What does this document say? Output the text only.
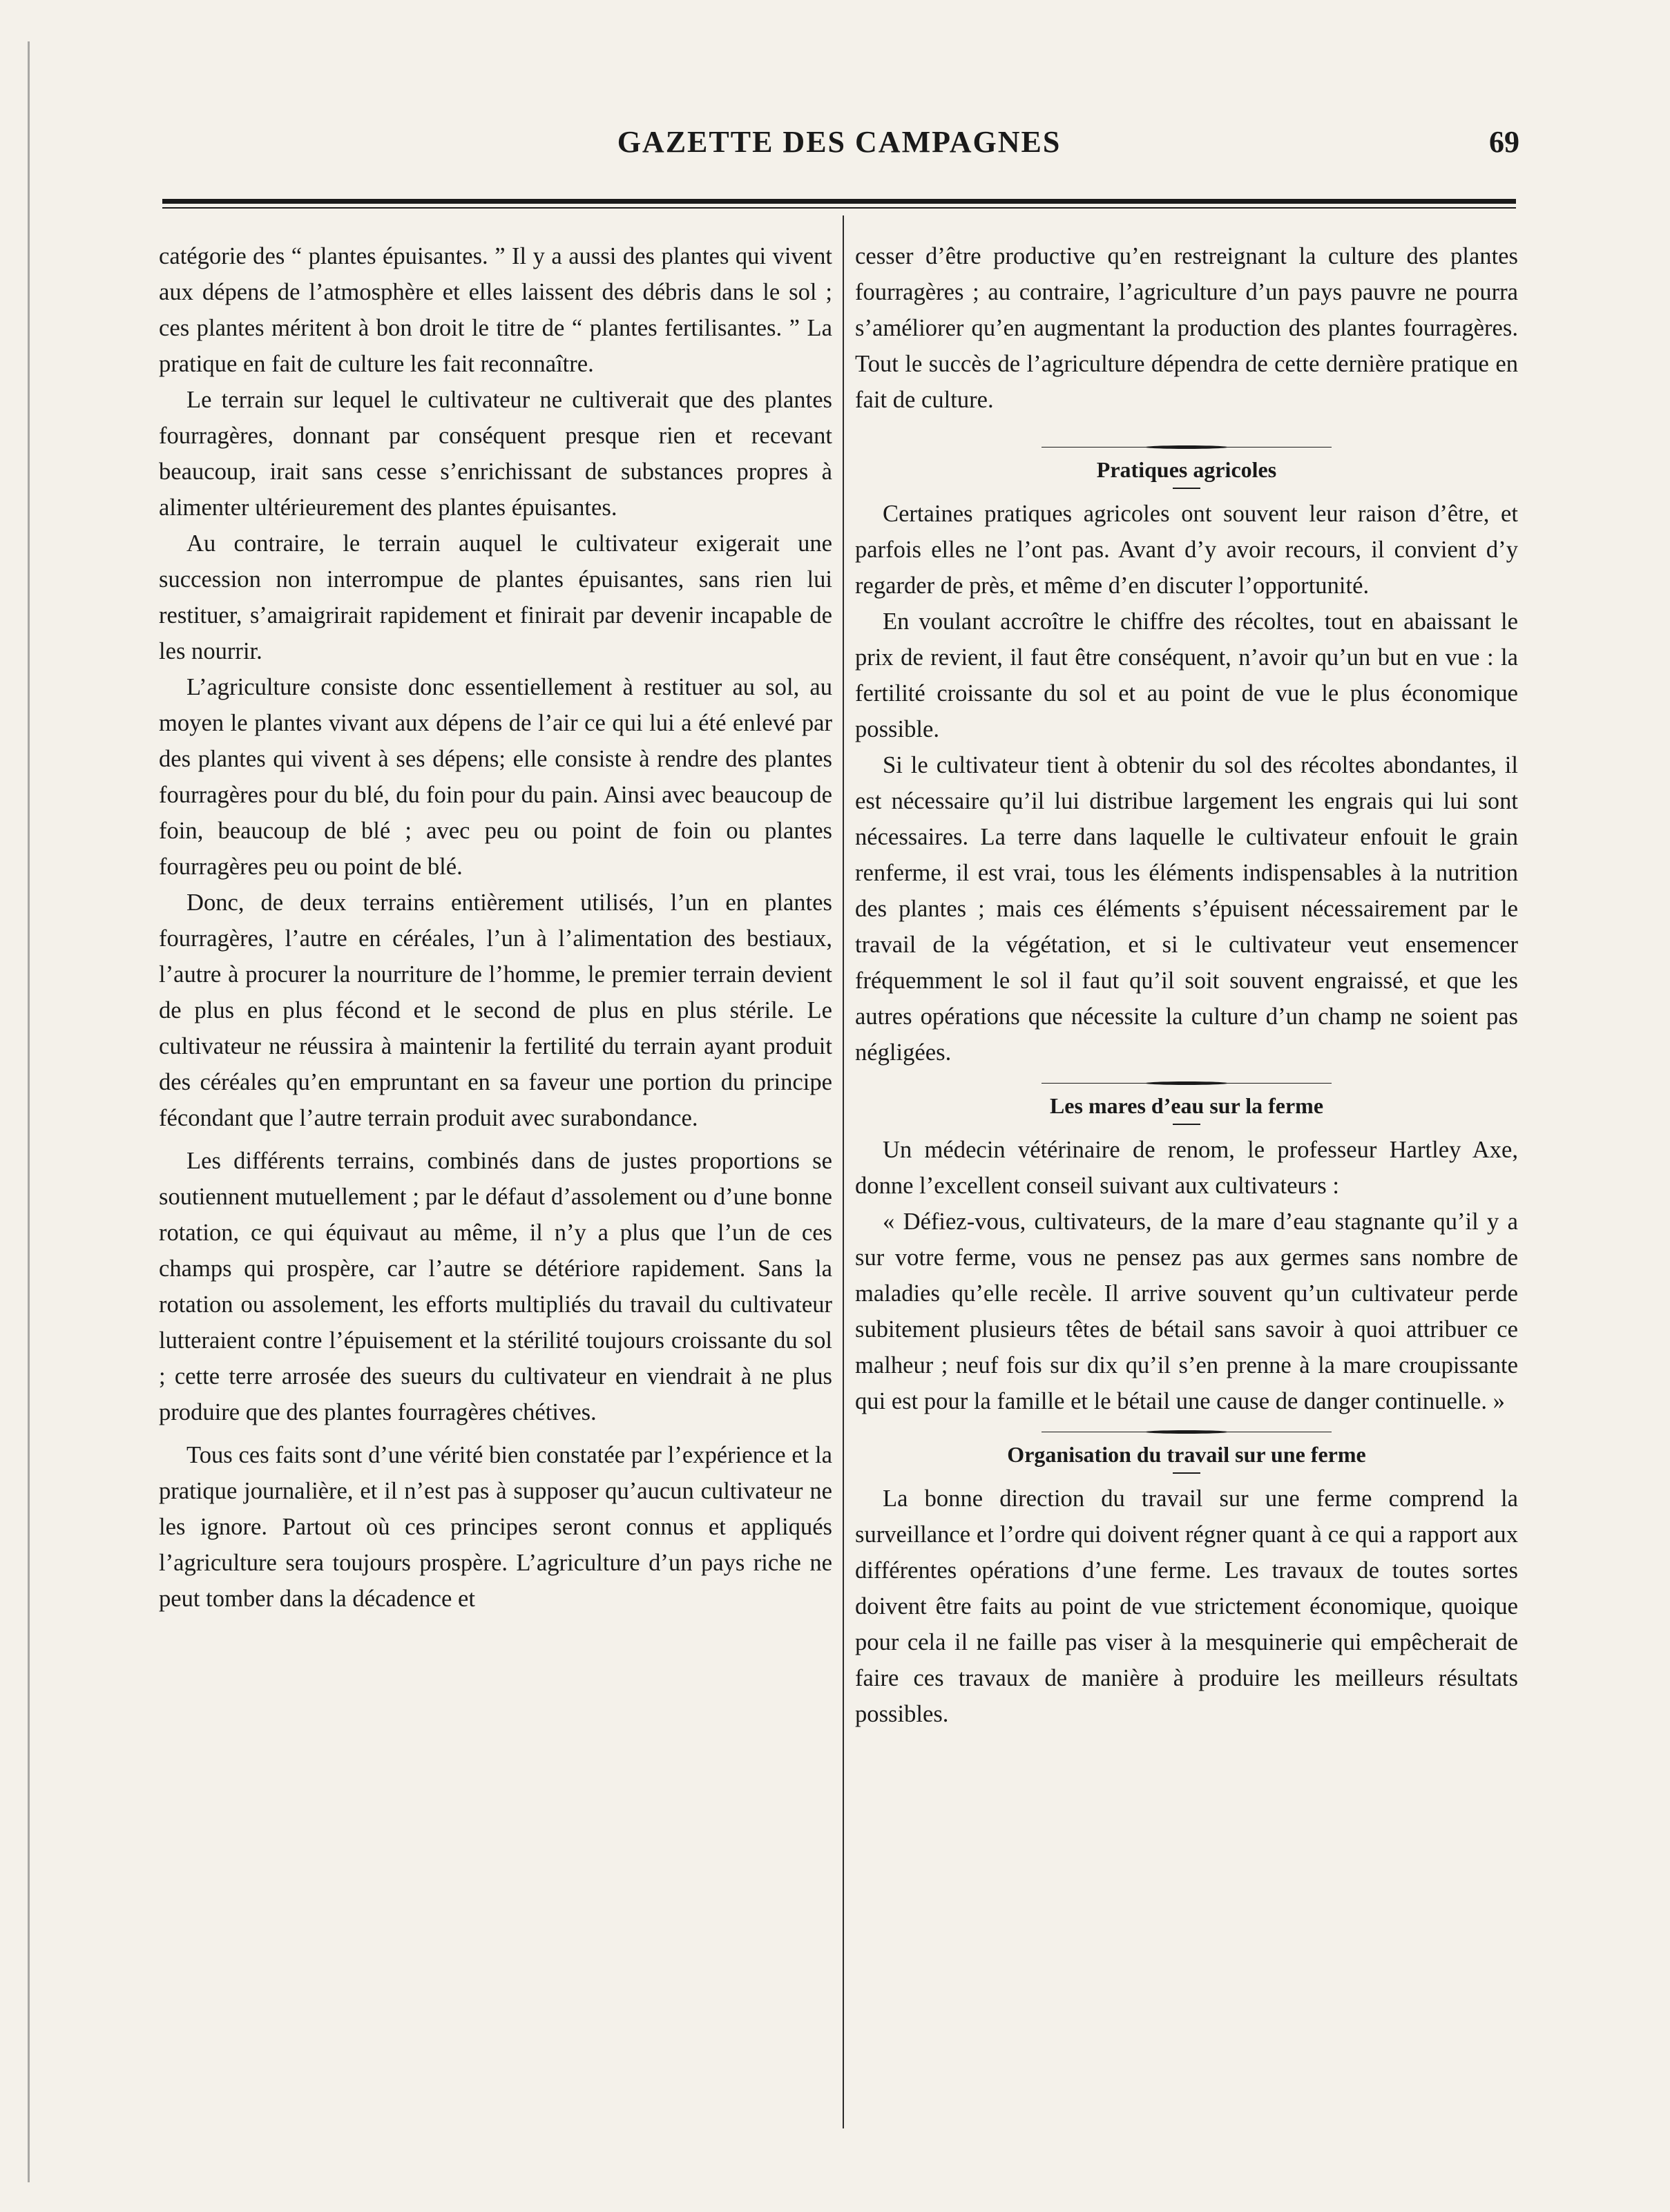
GAZETTE DES CAMPAGNES	69

catégorie des “ plantes épuisantes. ” Il y a aussi des plantes qui vivent aux dépens de l’atmosphère et elles laissent des débris dans le sol ; ces plantes méritent à bon droit le titre de “ plantes fertilisantes. ” La pratique en fait de culture les fait reconnaître.

Le terrain sur lequel le cultivateur ne cultiverait que des plantes fourragères, donnant par conséquent presque rien et recevant beaucoup, irait sans cesse s’enrichissant de substances propres à alimenter ultérieurement des plantes épuisantes.

Au contraire, le terrain auquel le cultivateur exigerait une succession non interrompue de plantes épuisantes, sans rien lui restituer, s’amaigrirait rapidement et finirait par devenir incapable de les nourrir.

L’agriculture consiste donc essentiellement à restituer au sol, au moyen le plantes vivant aux dépens de l’air ce qui lui a été enlevé par des plantes qui vivent à ses dépens; elle consiste à rendre des plantes fourragères pour du blé, du foin pour du pain. Ainsi avec beaucoup de foin, beaucoup de blé ; avec peu ou point de foin ou plantes fourragères peu ou point de blé.

Donc, de deux terrains entièrement utilisés, l’un en plantes fourragères, l’autre en céréales, l’un à l’alimentation des bestiaux, l’autre à procurer la nourriture de l’homme, le premier terrain devient de plus en plus fécond et le second de plus en plus stérile. Le cultivateur ne réussira à maintenir la fertilité du terrain ayant produit des céréales qu’en empruntant en sa faveur une portion du principe fécondant que l’autre terrain produit avec surabondance.

Les différents terrains, combinés dans de justes proportions se soutiennent mutuellement ; par le défaut d’assolement ou d’une bonne rotation, ce qui équivaut au même, il n’y a plus que l’un de ces champs qui prospère, car l’autre se détériore rapidement. Sans la rotation ou assolement, les efforts multipliés du travail du cultivateur lutteraient contre l’épuisement et la stérilité toujours croissante du sol ; cette terre arrosée des sueurs du cultivateur en viendrait à ne plus produire que des plantes fourragères chétives.

Tous ces faits sont d’une vérité bien constatée par l’expérience et la pratique journalière, et il n’est pas à supposer qu’aucun cultivateur ne les ignore. Partout où ces principes seront connus et appliqués l’agriculture sera toujours prospère. L’agriculture d’un pays riche ne peut tomber dans la décadence et

cesser d’être productive qu’en restreignant la culture des plantes fourragères ; au contraire, l’agriculture d’un pays pauvre ne pourra s’améliorer qu’en augmentant la production des plantes fourragères. Tout le succès de l’agriculture dépendra de cette dernière pratique en fait de culture.

Pratiques agricoles

Certaines pratiques agricoles ont souvent leur raison d’être, et parfois elles ne l’ont pas. Avant d’y avoir recours, il convient d’y regarder de près, et même d’en discuter l’opportunité.

En voulant accroître le chiffre des récoltes, tout en abaissant le prix de revient, il faut être conséquent, n’avoir qu’un but en vue : la fertilité croissante du sol et au point de vue le plus économique possible.

Si le cultivateur tient à obtenir du sol des récoltes abondantes, il est nécessaire qu’il lui distribue largement les engrais qui lui sont nécessaires. La terre dans laquelle le cultivateur enfouit le grain renferme, il est vrai, tous les éléments indispensables à la nutrition des plantes ; mais ces éléments s’épuisent nécessairement par le travail de la végétation, et si le cultivateur veut ensemencer fréquemment le sol il faut qu’il soit souvent engraissé, et que les autres opérations que nécessite la culture d’un champ ne soient pas négligées.

Les mares d’eau sur la ferme

Un médecin vétérinaire de renom, le professeur Hartley Axe, donne l’excellent conseil suivant aux cultivateurs :

« Défiez-vous, cultivateurs, de la mare d’eau stagnante qu’il y a sur votre ferme, vous ne pensez pas aux germes sans nombre de maladies qu’elle recèle. Il arrive souvent qu’un cultivateur perde subitement plusieurs têtes de bétail sans savoir à quoi attribuer ce malheur ; neuf fois sur dix qu’il s’en prenne à la mare croupissante qui est pour la famille et le bétail une cause de danger continuelle. »

Organisation du travail sur une ferme

La bonne direction du travail sur une ferme comprend la surveillance et l’ordre qui doivent régner quant à ce qui a rapport aux différentes opérations d’une ferme. Les travaux de toutes sortes doivent être faits au point de vue strictement économique, quoique pour cela il ne faille pas viser à la mesquinerie qui empêcherait de faire ces travaux de manière à produire les meilleurs résultats possibles.
